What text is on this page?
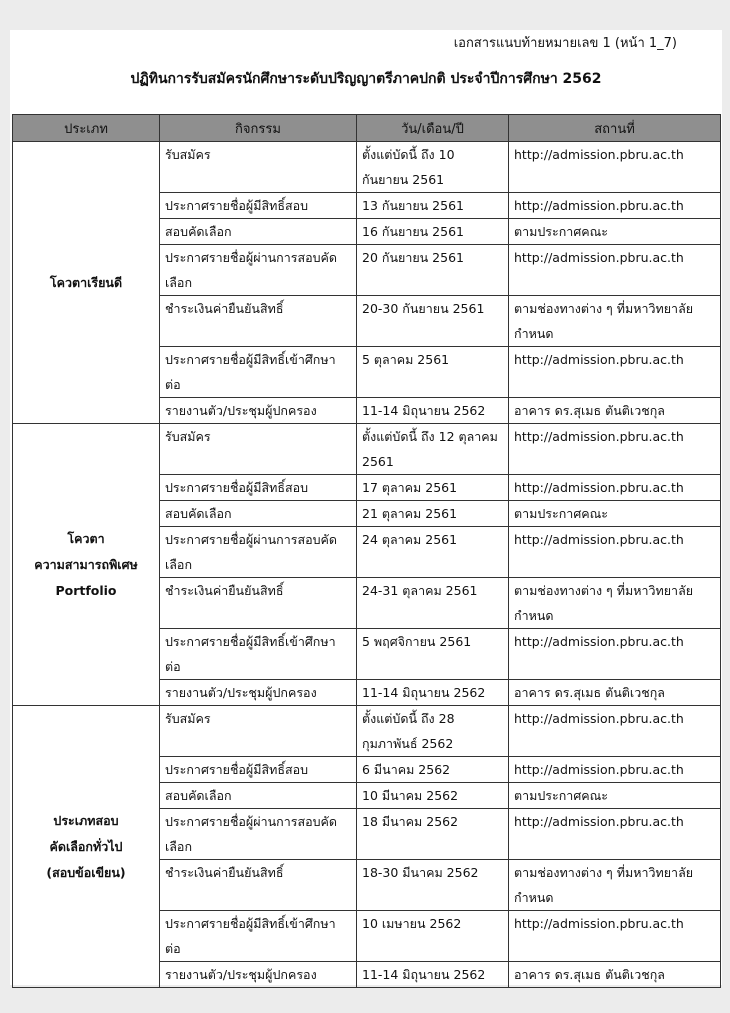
เอกสารแนบท้ายหมายเลข 1 (หน้า 1_7)
ปฏิทินการรับสมัครนักศึกษาระดับปริญญาตรีภาคปกติ ประจำปีการศึกษา 2562
ประเภท	กิจกรรม	วัน/เดือน/ปี	สถานที่

โควตาเรียนดี	รับสมัคร	ตั้งแต่บัดนี้ ถึง 10 กันยายน 2561	http://admission.pbru.ac.th
	ประกาศรายชื่อผู้มีสิทธิ์สอบ	13 กันยายน 2561	http://admission.pbru.ac.th
	สอบคัดเลือก	16 กันยายน 2561	ตามประกาศคณะ
	ประกาศรายชื่อผู้ผ่านการสอบคัดเลือก	20 กันยายน 2561	http://admission.pbru.ac.th
	ชำระเงินค่ายืนยันสิทธิ์	20-30 กันยายน 2561	ตามช่องทางต่าง ๆ ที่มหาวิทยาลัยกำหนด
	ประกาศรายชื่อผู้มีสิทธิ์เข้าศึกษาต่อ	5 ตุลาคม 2561	http://admission.pbru.ac.th
	รายงานตัว/ประชุมผู้ปกครอง	11-14 มิถุนายน 2562	อาคาร ดร.สุเมธ ตันติเวชกุล

โควตา
ความสามารถพิเศษ
Portfolio	รับสมัคร	ตั้งแต่บัดนี้ ถึง 12 ตุลาคม 2561	http://admission.pbru.ac.th
	ประกาศรายชื่อผู้มีสิทธิ์สอบ	17 ตุลาคม 2561	http://admission.pbru.ac.th
	สอบคัดเลือก	21 ตุลาคม 2561	ตามประกาศคณะ
	ประกาศรายชื่อผู้ผ่านการสอบคัดเลือก	24 ตุลาคม 2561	http://admission.pbru.ac.th
	ชำระเงินค่ายืนยันสิทธิ์	24-31 ตุลาคม 2561	ตามช่องทางต่าง ๆ ที่มหาวิทยาลัยกำหนด
	ประกาศรายชื่อผู้มีสิทธิ์เข้าศึกษาต่อ	5 พฤศจิกายน 2561	http://admission.pbru.ac.th
	รายงานตัว/ประชุมผู้ปกครอง	11-14 มิถุนายน 2562	อาคาร ดร.สุเมธ ตันติเวชกุล

ประเภทสอบ
คัดเลือกทั่วไป
(สอบข้อเขียน)	รับสมัคร	ตั้งแต่บัดนี้ ถึง 28 กุมภาพันธ์ 2562	http://admission.pbru.ac.th
	ประกาศรายชื่อผู้มีสิทธิ์สอบ	6 มีนาคม 2562	http://admission.pbru.ac.th
	สอบคัดเลือก	10 มีนาคม 2562	ตามประกาศคณะ
	ประกาศรายชื่อผู้ผ่านการสอบคัดเลือก	18 มีนาคม 2562	http://admission.pbru.ac.th
	ชำระเงินค่ายืนยันสิทธิ์	18-30 มีนาคม 2562	ตามช่องทางต่าง ๆ ที่มหาวิทยาลัยกำหนด
	ประกาศรายชื่อผู้มีสิทธิ์เข้าศึกษาต่อ	10 เมษายน 2562	http://admission.pbru.ac.th
	รายงานตัว/ประชุมผู้ปกครอง	11-14 มิถุนายน 2562	อาคาร ดร.สุเมธ ตันติเวชกุล
